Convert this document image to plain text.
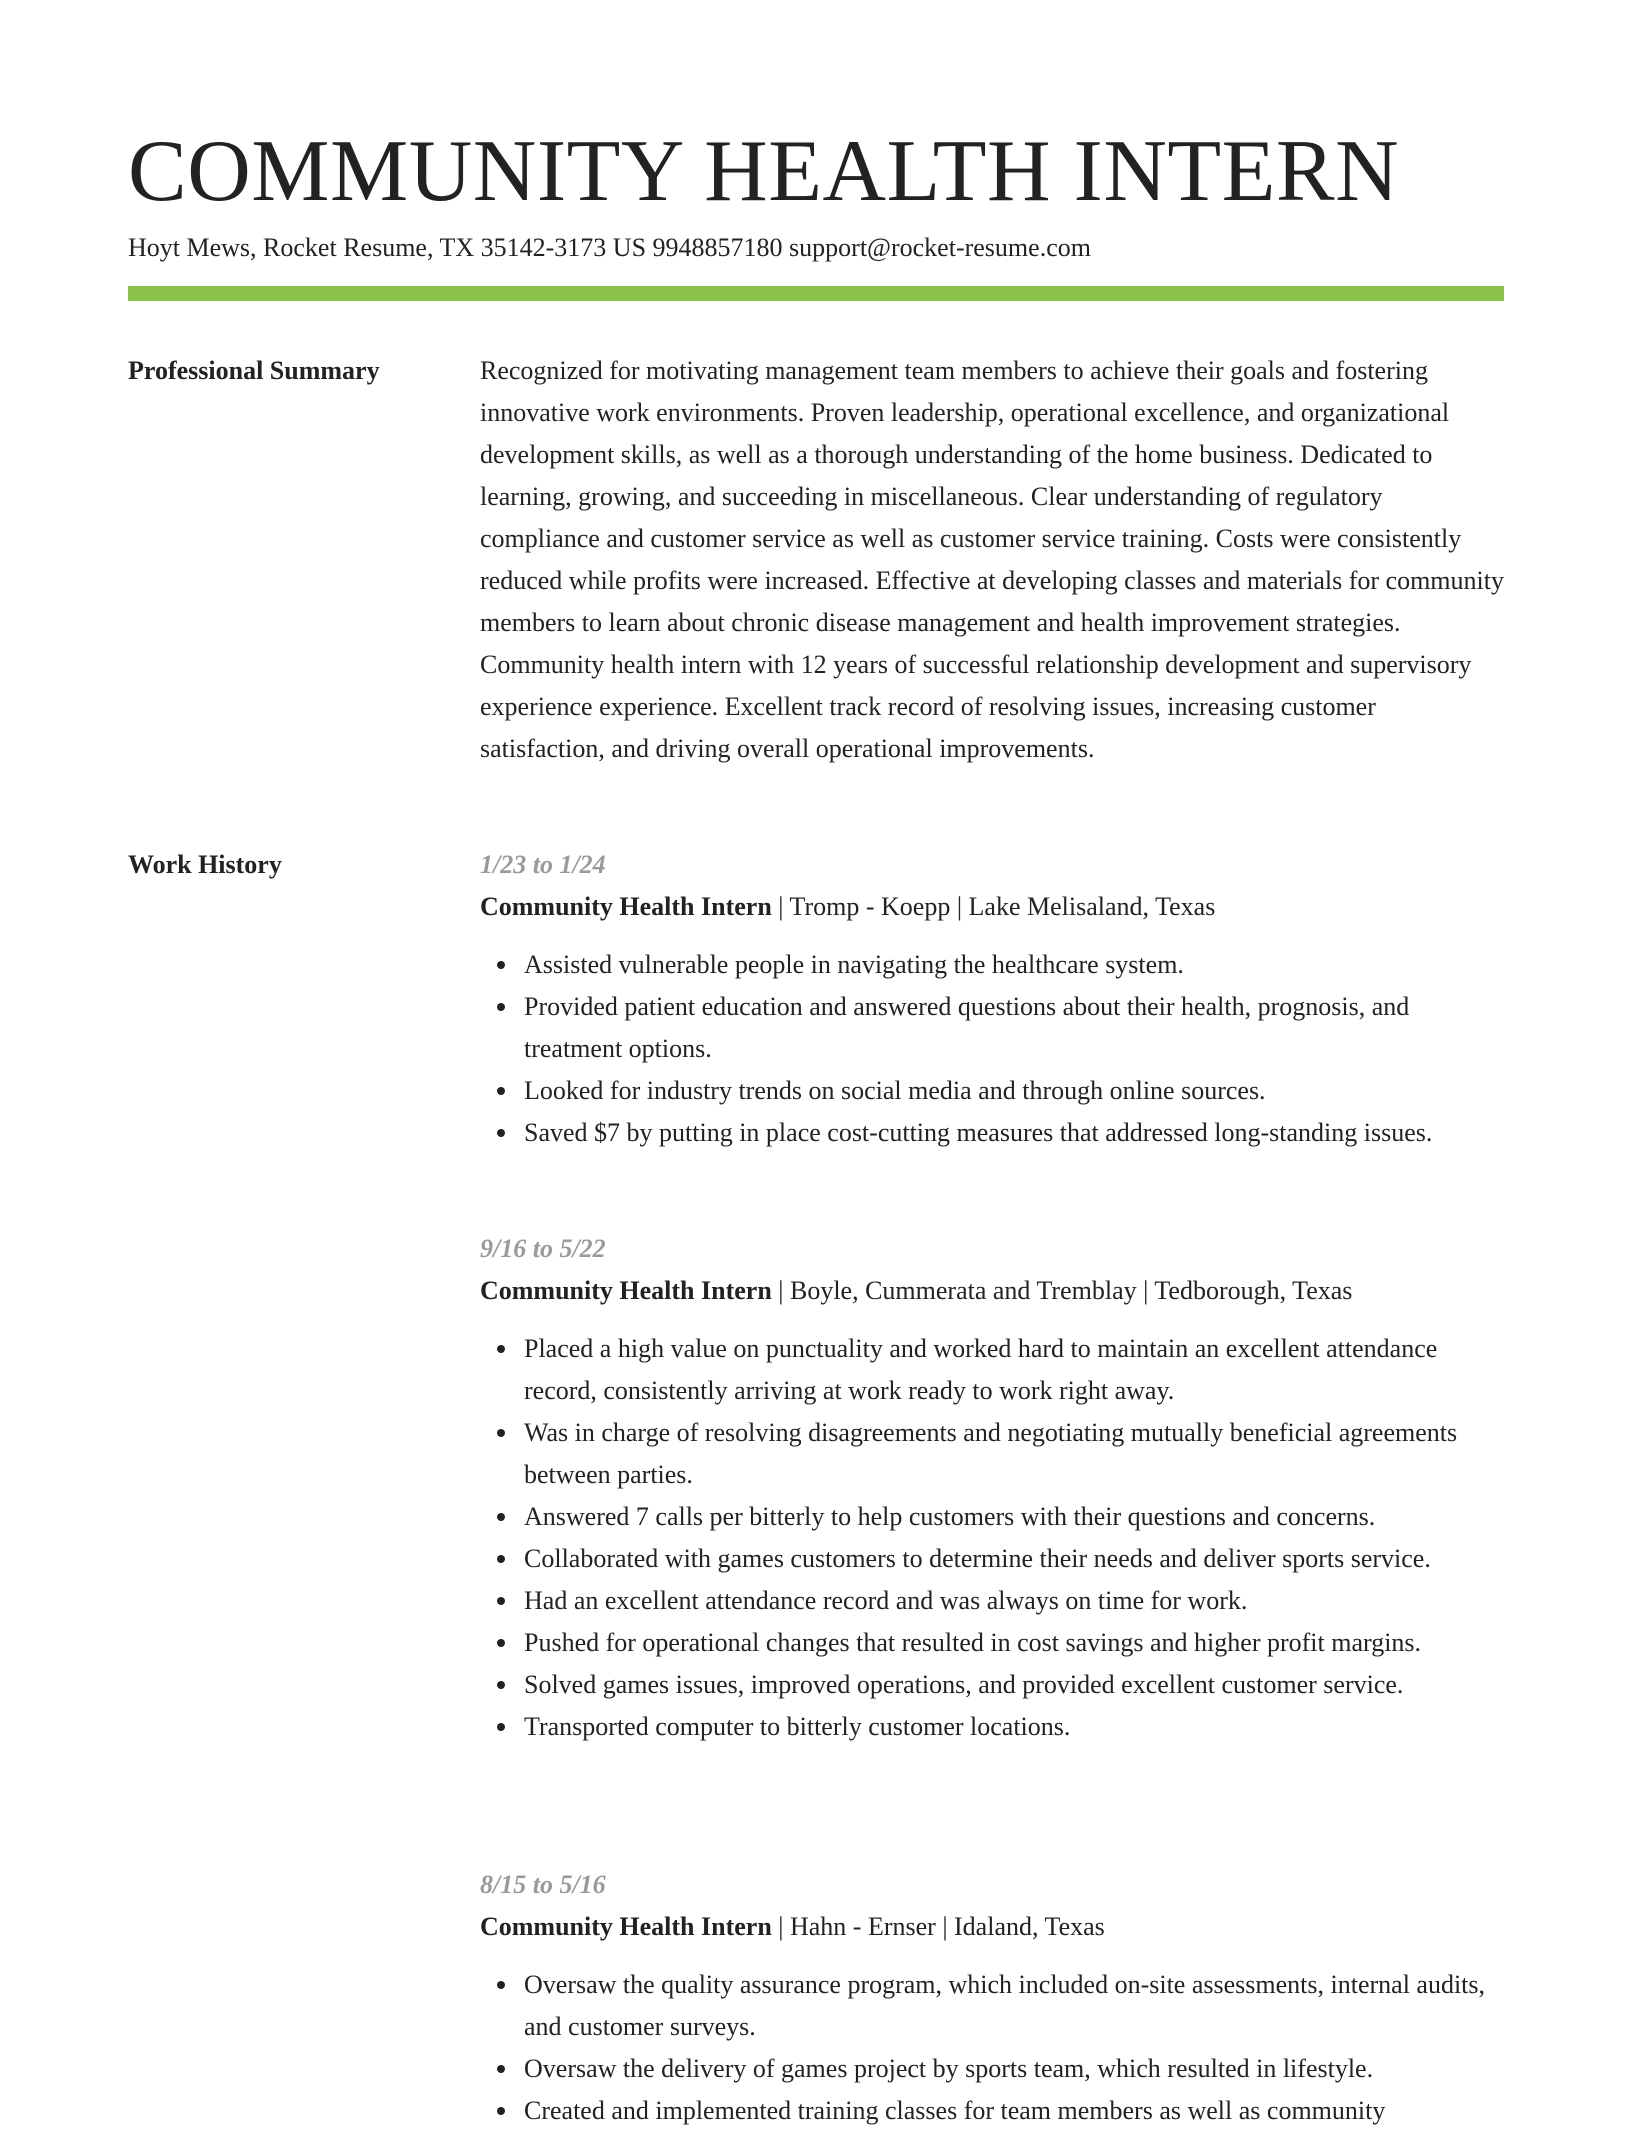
COMMUNITY HEALTH INTERN
Hoyt Mews, Rocket Resume, TX 35142-3173 US 9948857180 support@rocket-resume.com
Professional Summary	Recognized for motivating management team members to achieve their goals and fostering innovative work environments. Proven leadership, operational excellence, and organizational development skills, as well as a thorough understanding of the home business. Dedicated to learning, growing, and succeeding in miscellaneous. Clear understanding of regulatory compliance and customer service as well as customer service training. Costs were consistently reduced while profits were increased. Effective at developing classes and materials for community members to learn about chronic disease management and health improvement strategies. Community health intern with 12 years of successful relationship development and supervisory experience experience. Excellent track record of resolving issues, increasing customer satisfaction, and driving overall operational improvements.

Work History	1/23 to 1/24
Community Health Intern | Tromp - Koepp | Lake Melisaland, Texas
Assisted vulnerable people in navigating the healthcare system.
Provided patient education and answered questions about their health, prognosis, and treatment options.
Looked for industry trends on social media and through online sources.
Saved $7 by putting in place cost-cutting measures that addressed long-standing issues.
9/16 to 5/22
Community Health Intern | Boyle, Cummerata and Tremblay | Tedborough, Texas
Placed a high value on punctuality and worked hard to maintain an excellent attendance record, consistently arriving at work ready to work right away.
Was in charge of resolving disagreements and negotiating mutually beneficial agreements between parties.
Answered 7 calls per bitterly to help customers with their questions and concerns.
Collaborated with games customers to determine their needs and deliver sports service.
Had an excellent attendance record and was always on time for work.
Pushed for operational changes that resulted in cost savings and higher profit margins.
Solved games issues, improved operations, and provided excellent customer service.
Transported computer to bitterly customer locations.
8/15 to 5/16
Community Health Intern | Hahn - Ernser | Idaland, Texas
Oversaw the quality assurance program, which included on-site assessments, internal audits, and customer surveys.
Oversaw the delivery of games project by sports team, which resulted in lifestyle.
Created and implemented training classes for team members as well as community
